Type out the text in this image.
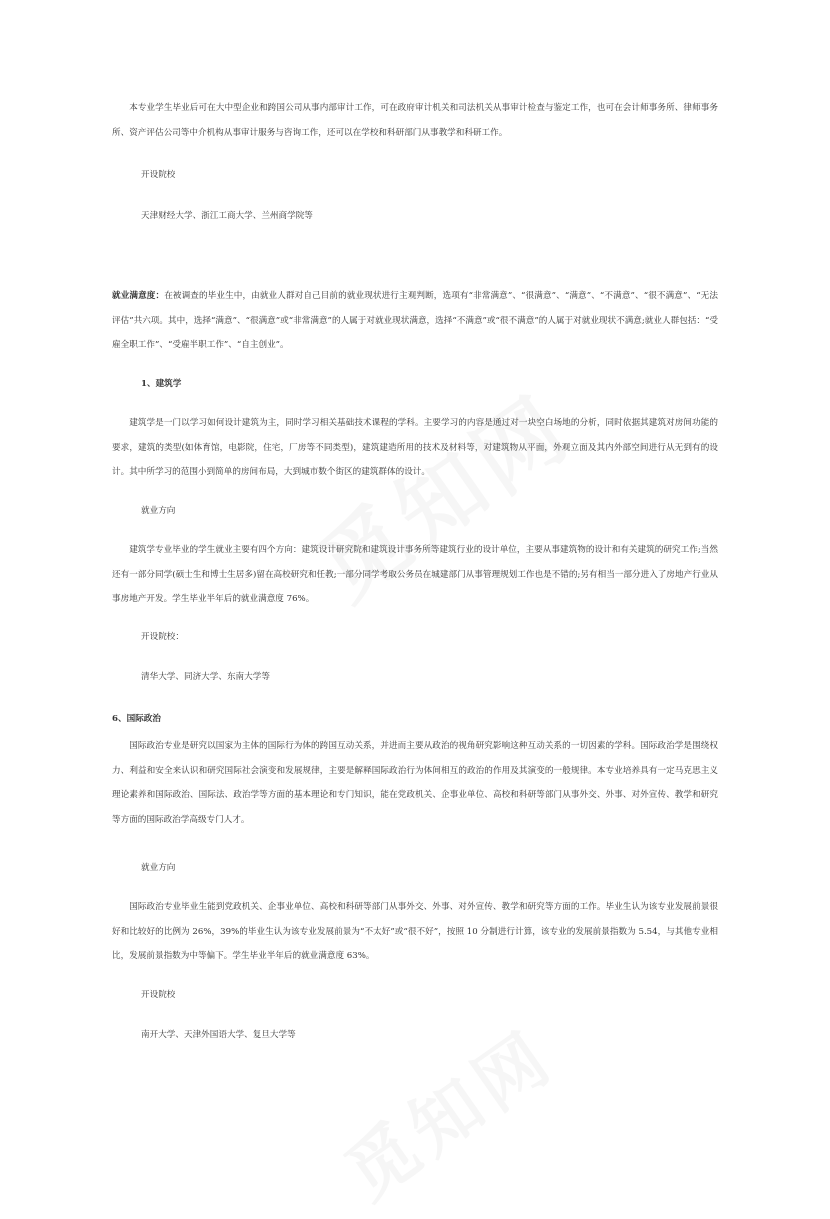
本专业学生毕业后可在大中型企业和跨国公司从事内部审计工作，可在政府审计机关和司法机关从事审计检查与鉴定工作，也可在会计师事务所、律师事务所、资产评估公司等中介机构从事审计服务与咨询工作，还可以在学校和科研部门从事教学和科研工作。

开设院校

天津财经大学、浙江工商大学、兰州商学院等

就业满意度：在被调查的毕业生中，由就业人群对自己目前的就业现状进行主观判断，选项有“非常满意”、“很满意”、“满意”、“不满意”、“很不满意”、“无法评估”共六项。其中，选择“满意”、“很满意”或“非常满意”的人属于对就业现状满意，选择“不满意”或“很不满意”的人属于对就业现状不满意;就业人群包括：“受雇全职工作”、“受雇半职工作”、“自主创业”。

1、建筑学

建筑学是一门以学习如何设计建筑为主，同时学习相关基础技术课程的学科。主要学习的内容是通过对一块空白场地的分析，同时依据其建筑对房间功能的要求，建筑的类型(如体育馆，电影院，住宅，厂房等不同类型)，建筑建造所用的技术及材料等，对建筑物从平面，外观立面及其内外部空间进行从无到有的设计。其中所学习的范围小到简单的房间布局，大到城市数个街区的建筑群体的设计。

就业方向

建筑学专业毕业的学生就业主要有四个方向：建筑设计研究院和建筑设计事务所等建筑行业的设计单位，主要从事建筑物的设计和有关建筑的研究工作;当然还有一部分同学(硕士生和博士生居多)留在高校研究和任教;一部分同学考取公务员在城建部门从事管理规划工作也是不错的;另有相当一部分进入了房地产行业从事房地产开发。学生毕业半年后的就业满意度 76%。

开设院校：

清华大学、同济大学、东南大学等

6、国际政治

国际政治专业是研究以国家为主体的国际行为体的跨国互动关系，并进而主要从政治的视角研究影响这种互动关系的一切因素的学科。国际政治学是围绕权力、利益和安全来认识和研究国际社会演变和发展规律，主要是解释国际政治行为体间相互的政治的作用及其演变的一般规律。本专业培养具有一定马克思主义理论素养和国际政治、国际法、政治学等方面的基本理论和专门知识，能在党政机关、企事业单位、高校和科研等部门从事外交、外事、对外宣传、教学和研究等方面的国际政治学高级专门人才。

就业方向

国际政治专业毕业生能到党政机关、企事业单位、高校和科研等部门从事外交、外事、对外宣传、教学和研究等方面的工作。毕业生认为该专业发展前景很好和比较好的比例为 26%，39%的毕业生认为该专业发展前景为“不太好”或“很不好”，按照 10 分制进行计算，该专业的发展前景指数为 5.54，与其他专业相比，发展前景指数为中等偏下。学生毕业半年后的就业满意度 63%。

开设院校

南开大学、天津外国语大学、复旦大学等
